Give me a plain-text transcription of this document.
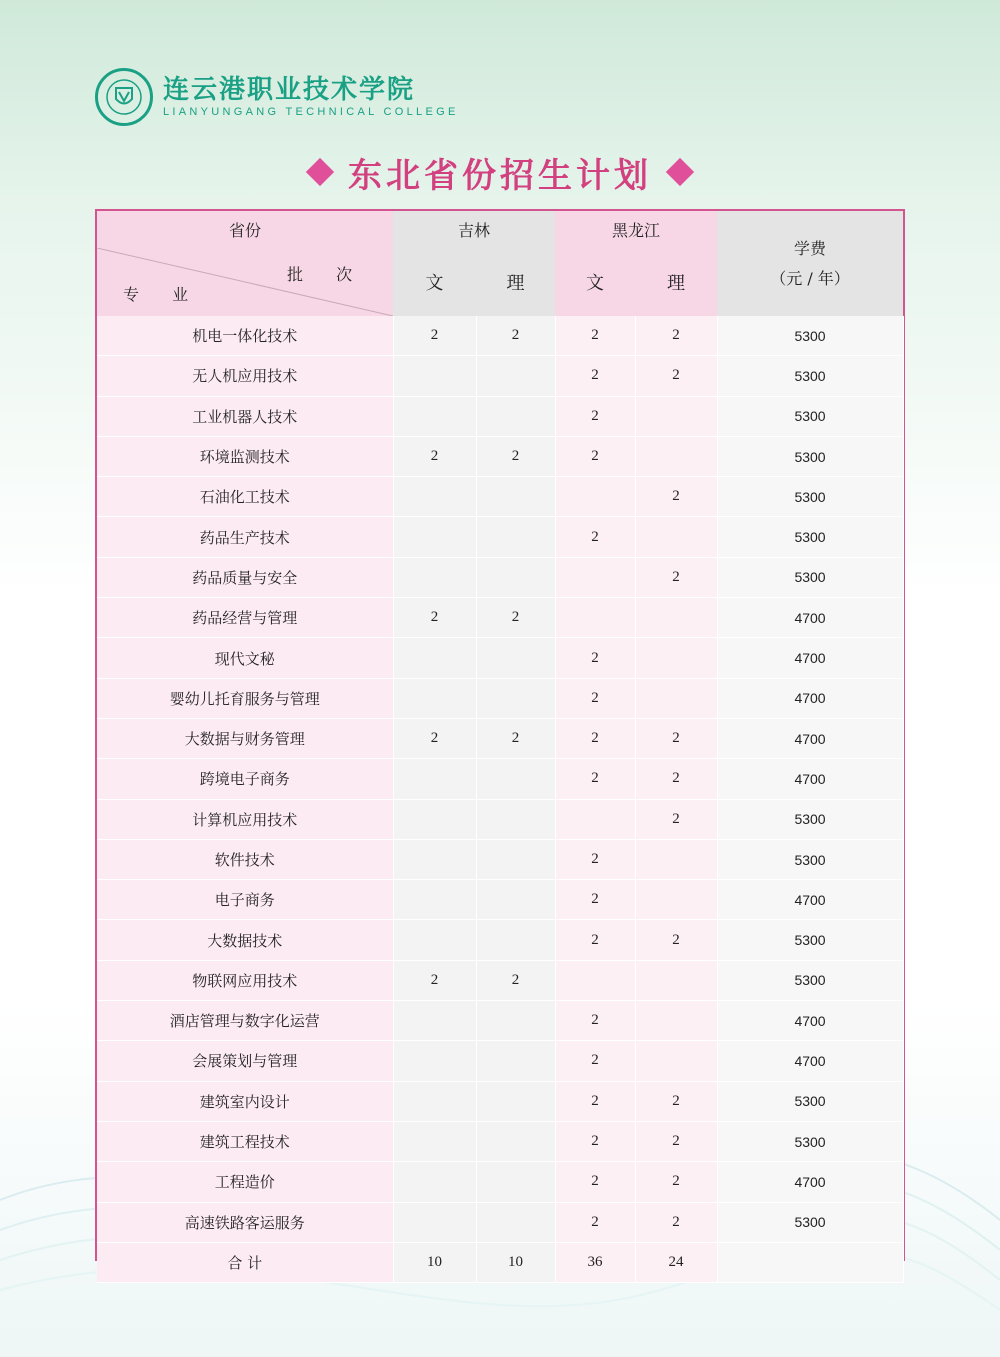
连云港职业技术学院
LIANYUNGANG TECHNICAL COLLEGE
东北省份招生计划
省份	吉林		黑龙江		学费
（元 / 年）

批 次
专 业	文	理	文	理	
机电一体化技术	2	2	2	2	5300
无人机应用技术			2	2	5300
工业机器人技术			2		5300
环境监测技术	2	2	2		5300
石油化工技术				2	5300
药品生产技术			2		5300
药品质量与安全				2	5300
药品经营与管理	2	2			4700
现代文秘			2		4700
婴幼儿托育服务与管理			2		4700
大数据与财务管理	2	2	2	2	4700
跨境电子商务			2	2	4700
计算机应用技术				2	5300
软件技术			2		5300
电子商务			2		4700
大数据技术			2	2	5300
物联网应用技术	2	2			5300
酒店管理与数字化运营			2		4700
会展策划与管理			2		4700
建筑室内设计			2	2	5300
建筑工程技术			2	2	5300
工程造价			2	2	4700
高速铁路客运服务			2	2	5300
合 计	10	10	36	24	
